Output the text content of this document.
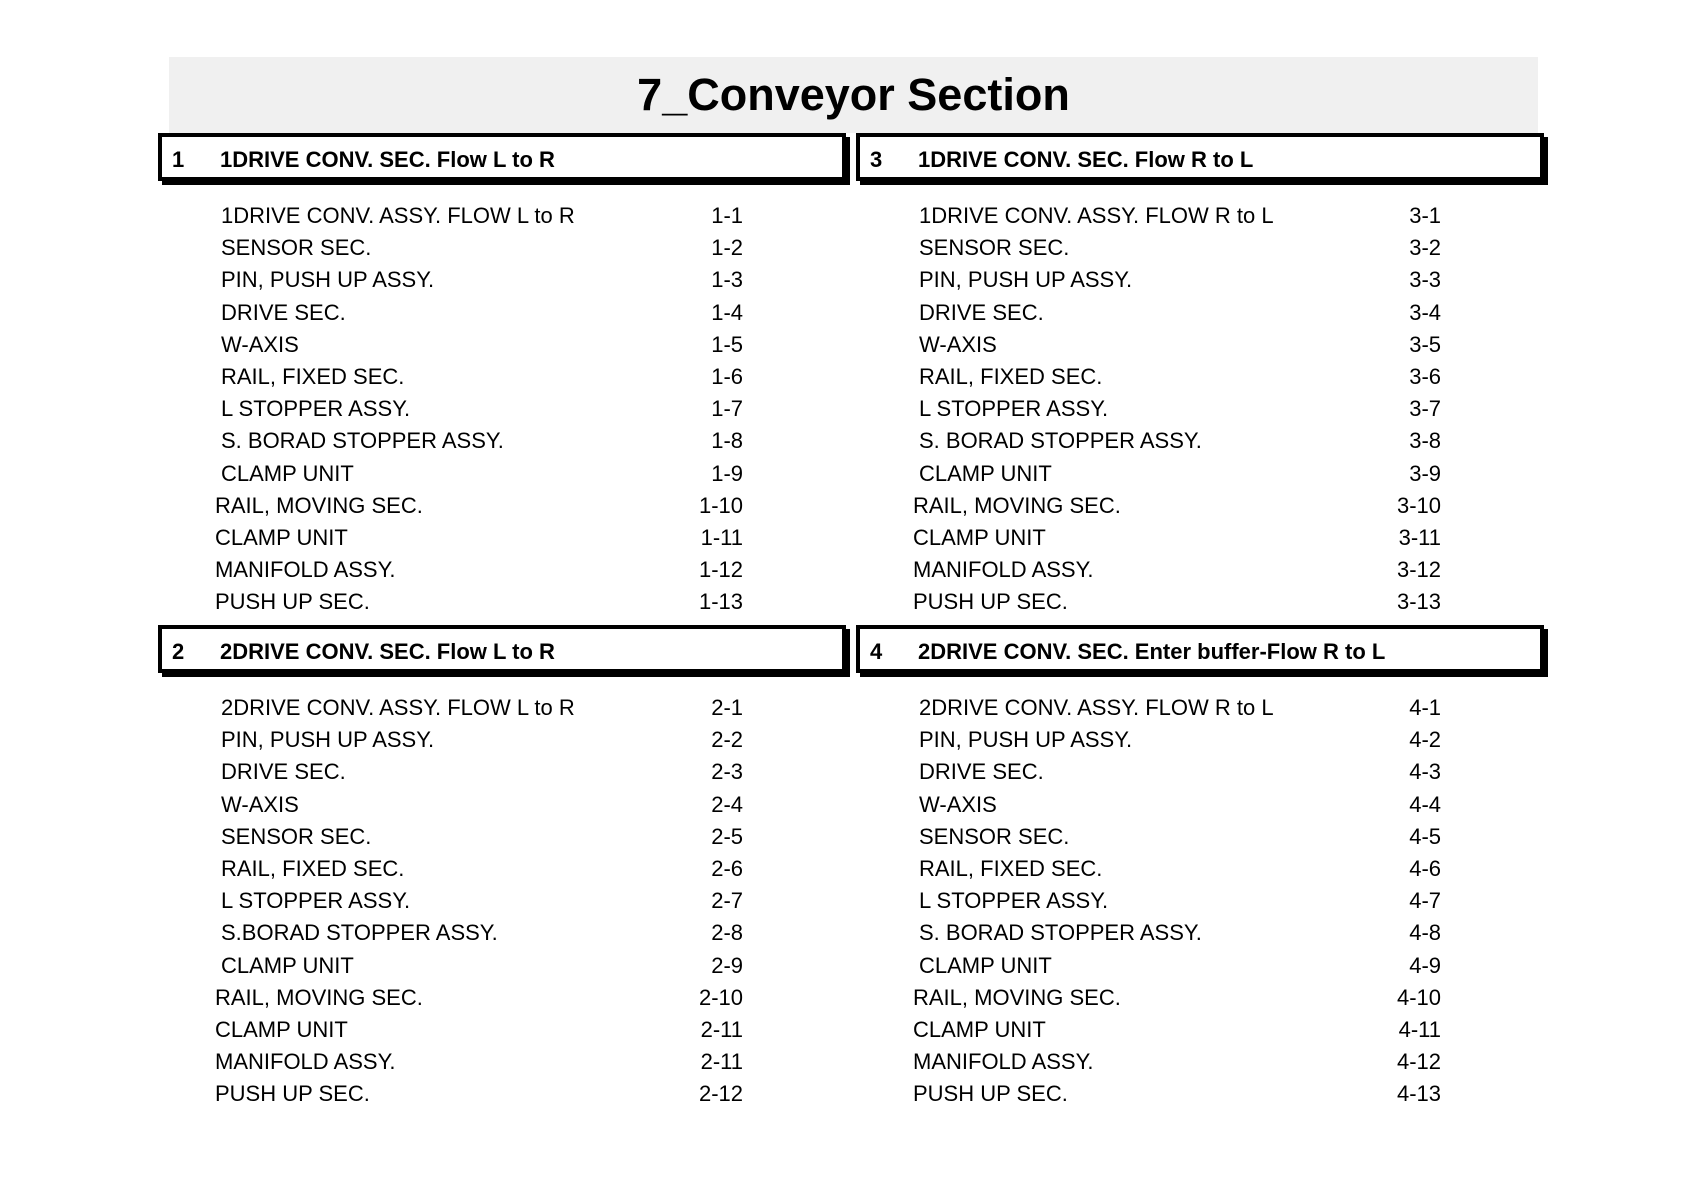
7_Conveyor Section
1 1DRIVE CONV. SEC. Flow L to R
1DRIVE CONV. ASSY. FLOW L to R	1-1
SENSOR SEC.	1-2
PIN, PUSH UP ASSY.	1-3
DRIVE SEC.	1-4
W-AXIS	1-5
RAIL, FIXED SEC.	1-6
L STOPPER ASSY.	1-7
S. BORAD STOPPER ASSY.	1-8
CLAMP UNIT	1-9
RAIL, MOVING SEC.	1-10
CLAMP UNIT	1-11
MANIFOLD ASSY.	1-12
PUSH UP SEC.	1-13
3 1DRIVE CONV. SEC. Flow R to L
1DRIVE CONV. ASSY. FLOW R to L	3-1
SENSOR SEC.	3-2
PIN, PUSH UP ASSY.	3-3
DRIVE SEC.	3-4
W-AXIS	3-5
RAIL, FIXED SEC.	3-6
L STOPPER ASSY.	3-7
S. BORAD STOPPER ASSY.	3-8
CLAMP UNIT	3-9
RAIL, MOVING SEC.	3-10
CLAMP UNIT	3-11
MANIFOLD ASSY.	3-12
PUSH UP SEC.	3-13
2 2DRIVE CONV. SEC. Flow L to R
2DRIVE CONV. ASSY. FLOW L to R	2-1
PIN, PUSH UP ASSY.	2-2
DRIVE SEC.	2-3
W-AXIS	2-4
SENSOR SEC.	2-5
RAIL, FIXED SEC.	2-6
L STOPPER ASSY.	2-7
S.BORAD STOPPER ASSY.	2-8
CLAMP UNIT	2-9
RAIL, MOVING SEC.	2-10
CLAMP UNIT	2-11
MANIFOLD ASSY.	2-11
PUSH UP SEC.	2-12
4 2DRIVE CONV. SEC. Enter buffer-Flow R to L
2DRIVE CONV. ASSY. FLOW R to L	4-1
PIN, PUSH UP ASSY.	4-2
DRIVE SEC.	4-3
W-AXIS	4-4
SENSOR SEC.	4-5
RAIL, FIXED SEC.	4-6
L STOPPER ASSY.	4-7
S. BORAD STOPPER ASSY.	4-8
CLAMP UNIT	4-9
RAIL, MOVING SEC.	4-10
CLAMP UNIT	4-11
MANIFOLD ASSY.	4-12
PUSH UP SEC.	4-13
